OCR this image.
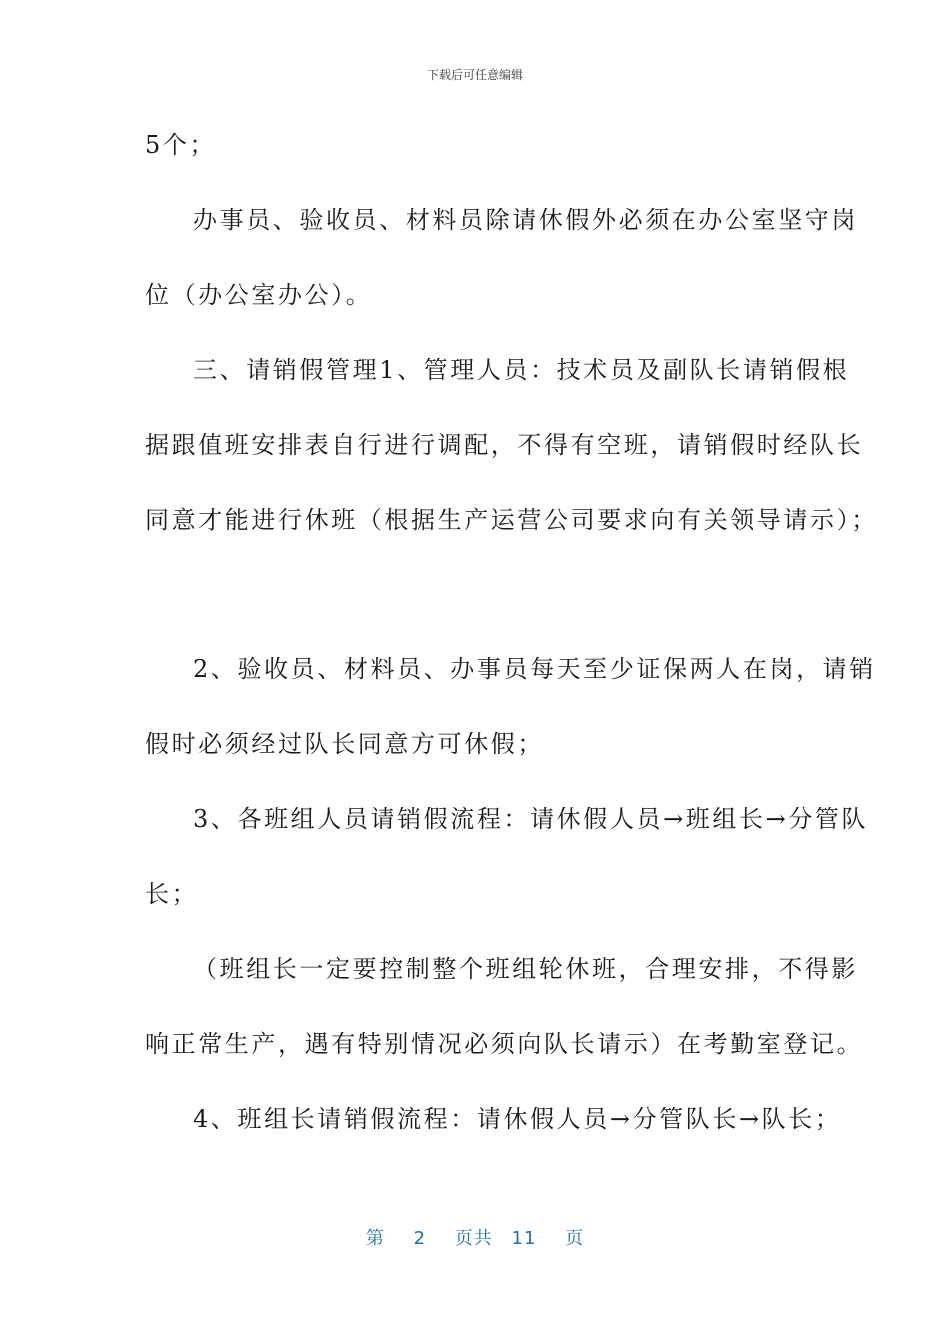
下载后可任意编辑
5个；
办事员、验收员、材料员除请休假外必须在办公室坚守岗
位（办公室办公）。
三、请销假管理1、管理人员：技术员及副队长请销假根
据跟值班安排表自行进行调配，不得有空班，请销假时经队长
同意才能进行休班（根据生产运营公司要求向有关领导请示）；
2、验收员、材料员、办事员每天至少证保两人在岗，请销
假时必须经过队长同意方可休假；
3、各班组人员请销假流程：请休假人员→班组长→分管队
长；
（班组长一定要控制整个班组轮休班，合理安排，不得影
响正常生产，遇有特别情况必须向队长请示）在考勤室登记。
4、班组长请销假流程：请休假人员→分管队长→队长；
第 2 页共 11 页
